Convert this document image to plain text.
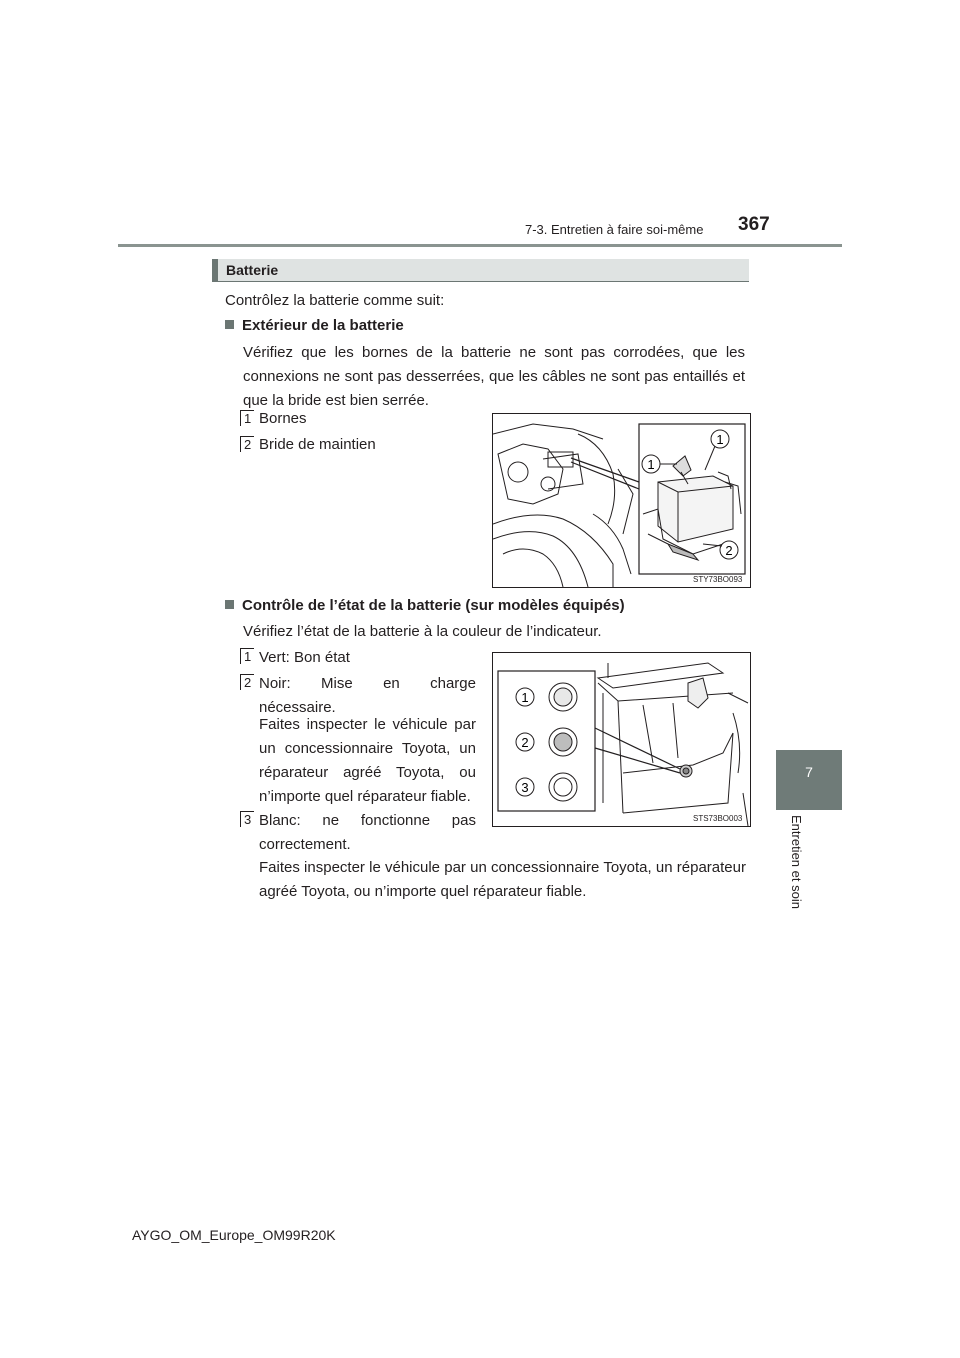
7-3. Entretien à faire soi-même 367
7
Entretien et soin
Batterie
Contrôlez la batterie comme suit:
Extérieur de la batterie
Vérifiez que les bornes de la batterie ne sont pas corrodées, que les connexions ne sont pas desserrées, que les câbles ne sont pas entaillés et que la bride est bien serrée.
1 Bornes
2 Bride de maintien	1
1
2
STY73BO093
Contrôle de l’état de la batterie (sur modèles équipés)
Vérifiez l’état de la batterie à la couleur de l’indicateur.
1 Vert: Bon état
2 Noir: Mise en charge nécessaire.
Faites inspecter le véhicule par un concessionnaire Toyota, un réparateur agréé Toyota, ou n’importe quel réparateur fiable.
3 Blanc: ne fonctionne pas correctement.
Faites inspecter le véhicule par un concessionnaire Toyota, un réparateur agréé Toyota, ou n’importe quel réparateur fiable.
1
2
3
STS73BO003
AYGO_OM_Europe_OM99R20K
